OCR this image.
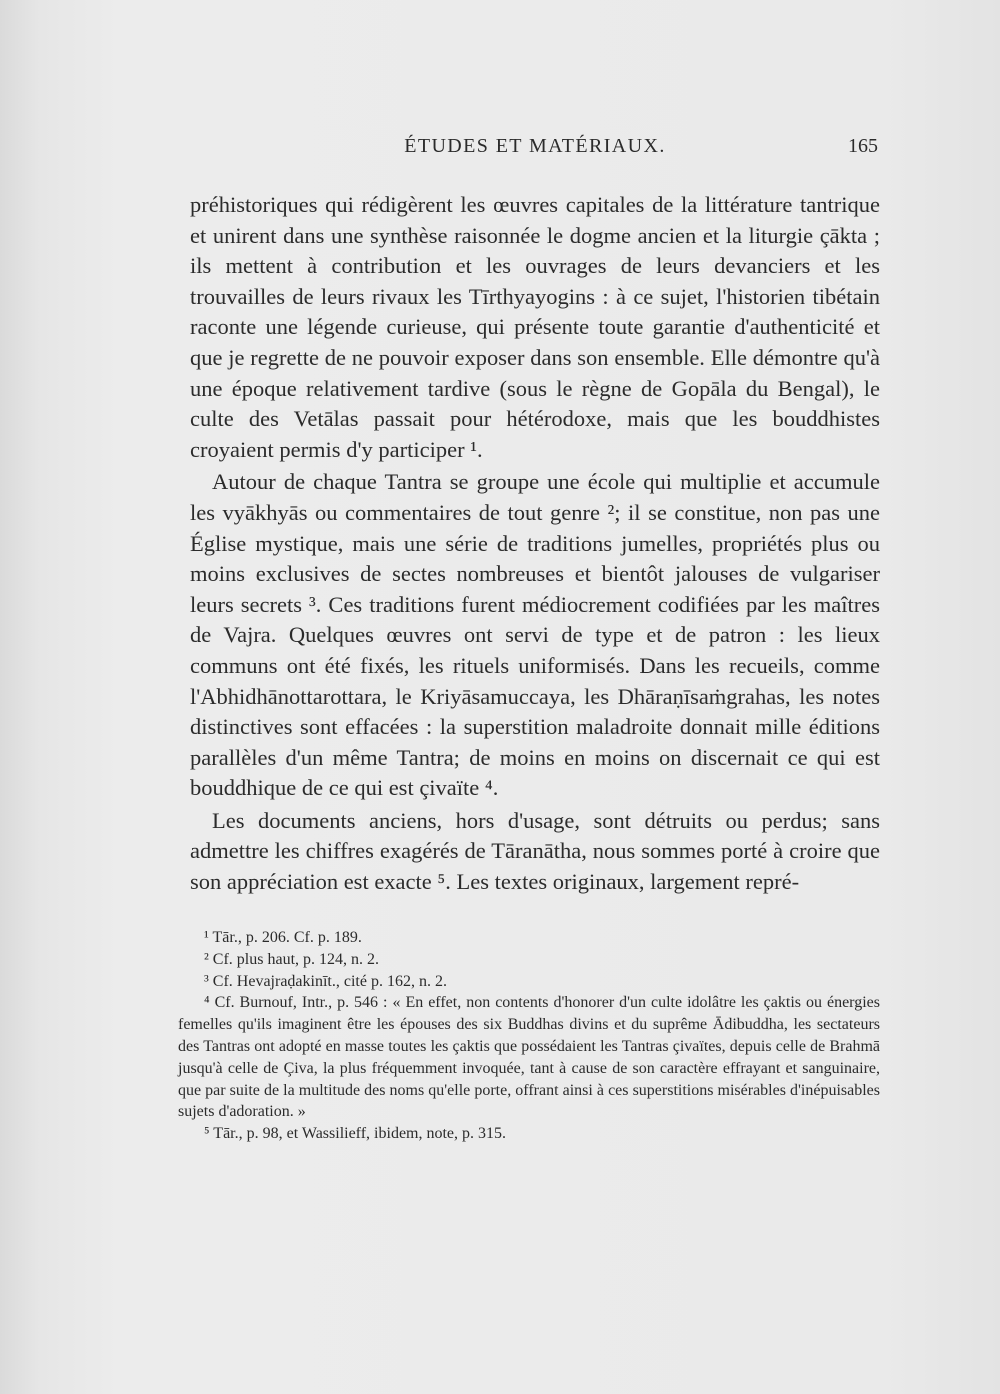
ÉTUDES ET MATÉRIAUX.	165

préhistoriques qui rédigèrent les œuvres capitales de la littérature tantrique et unirent dans une synthèse raisonnée le dogme ancien et la liturgie çākta ; ils mettent à contribution et les ouvrages de leurs devanciers et les trouvailles de leurs rivaux les Tīrthyayogins : à ce sujet, l'historien tibétain raconte une légende curieuse, qui présente toute garantie d'authenticité et que je regrette de ne pouvoir exposer dans son ensemble. Elle démontre qu'à une époque relativement tardive (sous le règne de Gopāla du Bengal), le culte des Vetālas passait pour hétérodoxe, mais que les bouddhistes croyaient permis d'y participer ¹.

Autour de chaque Tantra se groupe une école qui multiplie et accumule les vyākhyās ou commentaires de tout genre ²; il se constitue, non pas une Église mystique, mais une série de traditions jumelles, propriétés plus ou moins exclusives de sectes nombreuses et bientôt jalouses de vulgariser leurs secrets ³. Ces traditions furent médiocrement codifiées par les maîtres de Vajra. Quelques œuvres ont servi de type et de patron : les lieux communs ont été fixés, les rituels uniformisés. Dans les recueils, comme l'Abhidhānottarottara, le Kriyāsamuccaya, les Dhāraṇīsaṁgrahas, les notes distinctives sont effacées : la superstition maladroite donnait mille éditions parallèles d'un même Tantra; de moins en moins on discernait ce qui est bouddhique de ce qui est çivaïte ⁴.

Les documents anciens, hors d'usage, sont détruits ou perdus; sans admettre les chiffres exagérés de Tāranātha, nous sommes porté à croire que son appréciation est exacte ⁵. Les textes originaux, largement repré-

¹ Tār., p. 206. Cf. p. 189.

² Cf. plus haut, p. 124, n. 2.

³ Cf. Hevajraḍakinīt., cité p. 162, n. 2.

⁴ Cf. Burnouf, Intr., p. 546 : « En effet, non contents d'honorer d'un culte idolâtre les çaktis ou énergies femelles qu'ils imaginent être les épouses des six Buddhas divins et du suprême Ādibuddha, les sectateurs des Tantras ont adopté en masse toutes les çaktis que possédaient les Tantras çivaïtes, depuis celle de Brahmā jusqu'à celle de Çiva, la plus fréquemment invoquée, tant à cause de son caractère effrayant et sanguinaire, que par suite de la multitude des noms qu'elle porte, offrant ainsi à ces superstitions misérables d'inépuisables sujets d'adoration. »

⁵ Tār., p. 98, et Wassilieff, ibidem, note, p. 315.
